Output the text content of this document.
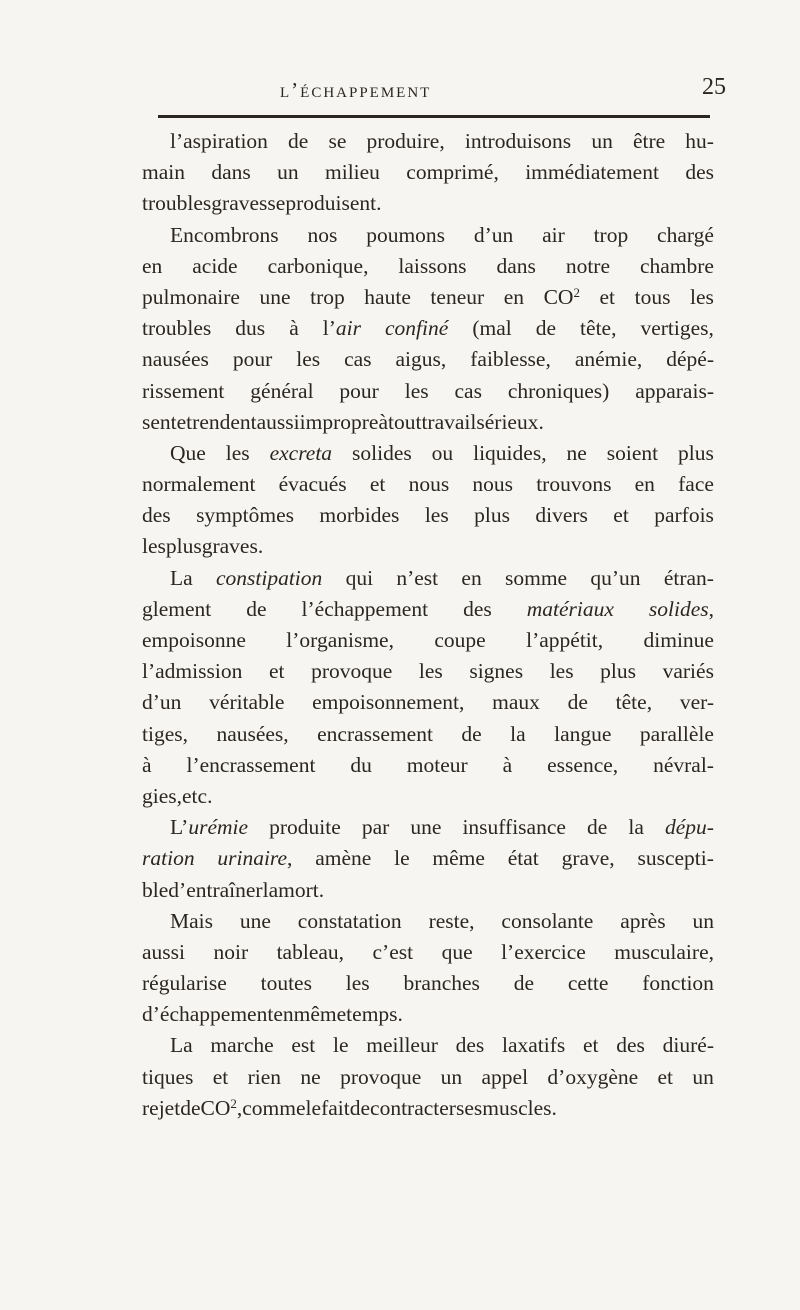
l’échappement	25
l’aspiration de se produire, introduisons un être hu-
main dans un milieu comprimé, immédiatement des
troubles graves se produisent.
Encombrons nos poumons d’un air trop chargé
en acide carbonique, laissons dans notre chambre
pulmonaire une trop haute teneur en $CO^2$ et tous les
troubles dus à l’air confiné (mal de tête, vertiges,
nausées pour les cas aigus, faiblesse, anémie, dépé-
rissement général pour les cas chroniques) apparais-
sent et rendent aussi impropre à tout travail sérieux.
Que les excreta solides ou liquides, ne soient plus
normalement évacués et nous nous trouvons en face
des symptômes morbides les plus divers et parfois
les plus graves.
La constipation qui n’est en somme qu’un étran-
glement de l’échappement des matériaux solides,
empoisonne l’organisme, coupe l’appétit, diminue
l’admission et provoque les signes les plus variés
d’un véritable empoisonnement, maux de tête, ver-
tiges, nausées, encrassement de la langue parallèle
à l’encrassement du moteur à essence, névral-
gies, etc.
L’urémie produite par une insuffisance de la dépu-
ration urinaire, amène le même état grave, suscepti-
ble d’entraîner la mort.
Mais une constatation reste, consolante après un
aussi noir tableau, c’est que l’exercice musculaire,
régularise toutes les branches de cette fonction
d’échappement en même temps.
La marche est le meilleur des laxatifs et des diuré-
tiques et rien ne provoque un appel d’oxygène et un
rejet de $CO^2$, comme le fait de contracter ses muscles.
